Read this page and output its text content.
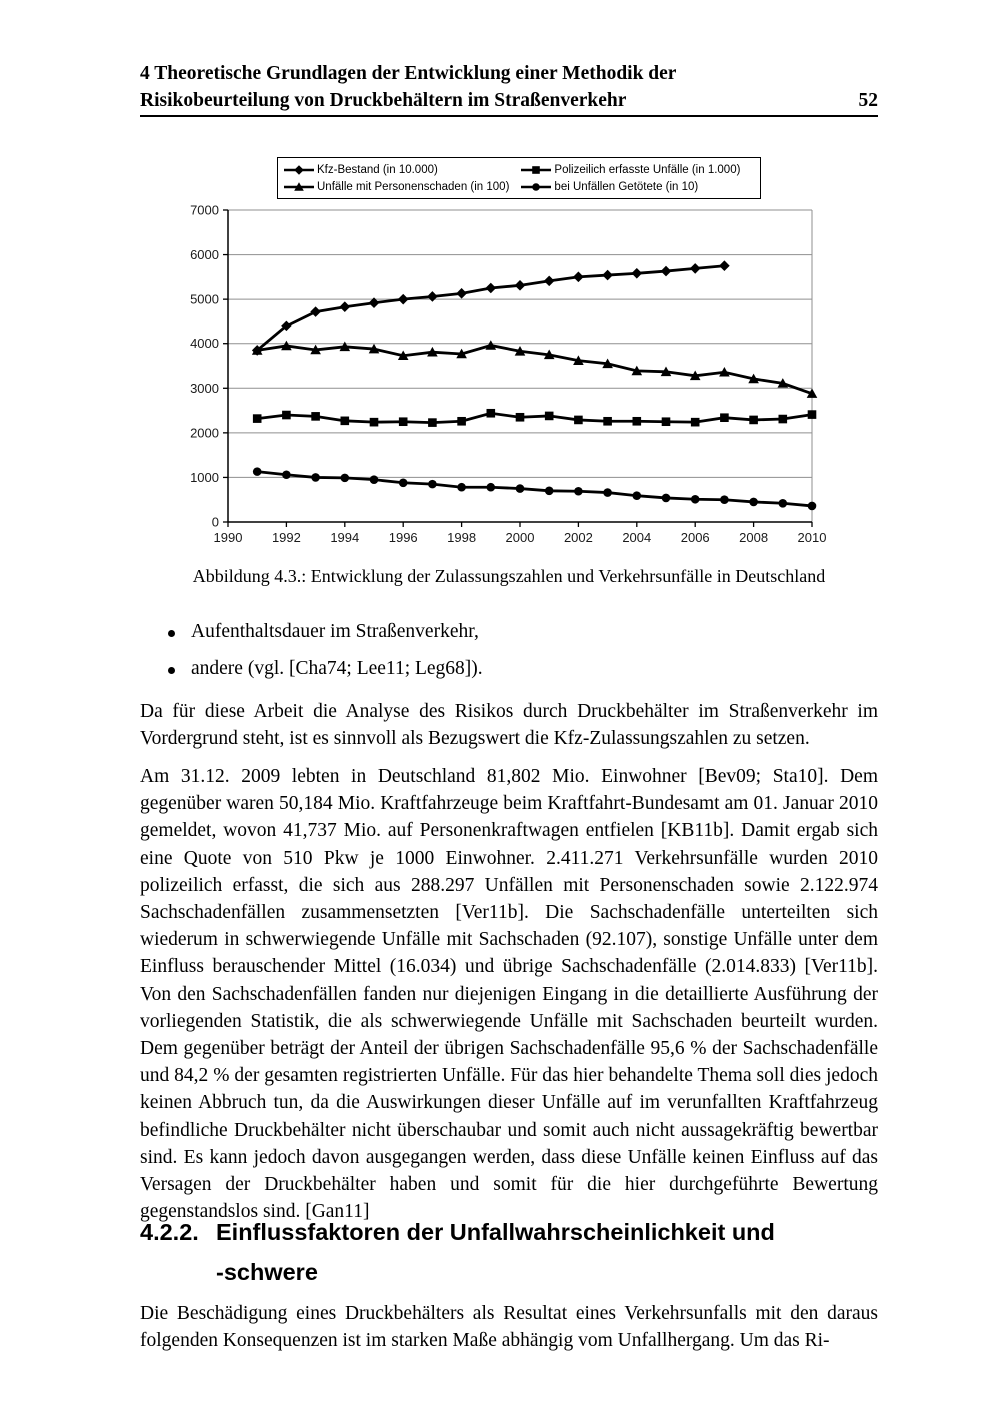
4 Theoretische Grundlagen der Entwicklung einer Methodik der
Risikobeurteilung von Druckbehältern im Straßenverkehr	52
Kfz-Bestand (in 10.000)	Polizeilich erfasste Unfälle (in 1.000)
Unfälle mit Personenschaden (in 100)	bei Unfällen Getötete (in 10)
0
1000
2000
3000
4000
5000
6000
7000
1990 1992 1994 1996 1998 2000 2002 2004 2006 2008 2010
Abbildung 4.3.: Entwicklung der Zulassungszahlen und Verkehrsunfälle in Deutschland
Aufenthaltsdauer im Straßenverkehr,
andere (vgl. [Cha74; Lee11; Leg68]).

Da für diese Arbeit die Analyse des Risikos durch Druckbehälter im Straßenverkehr im Vordergrund steht, ist es sinnvoll als Bezugswert die Kfz-Zulassungszahlen zu setzen.

Am 31.12. 2009 lebten in Deutschland 81,802 Mio. Einwohner [Bev09; Sta10]. Dem gegenüber waren 50,184 Mio. Kraftfahrzeuge beim Kraftfahrt-Bundesamt am 01. Januar 2010 gemeldet, wovon 41,737 Mio. auf Personenkraftwagen entfielen [KB11b]. Damit ergab sich eine Quote von 510 Pkw je 1000 Einwohner. 2.411.271 Verkehrsunfälle wurden 2010 polizeilich erfasst, die sich aus 288.297 Unfällen mit Personenschaden sowie 2.122.974 Sachschadenfällen zusammensetzten [Ver11b]. Die Sachschadenfälle unterteilten sich wiederum in schwerwiegende Unfälle mit Sachschaden (92.107), sonstige Unfälle unter dem Einfluss berauschender Mittel (16.034) und übrige Sachschadenfälle (2.014.833) [Ver11b]. Von den Sachschadenfällen fanden nur diejenigen Eingang in die detaillierte Ausführung der vorliegenden Statistik, die als schwerwiegende Unfälle mit Sachschaden beurteilt wurden. Dem gegenüber beträgt der Anteil der übrigen Sachschadenfälle 95,6 % der Sachschadenfälle und 84,2 % der gesamten registrierten Unfälle. Für das hier behandelte Thema soll dies jedoch keinen Abbruch tun, da die Auswirkungen dieser Unfälle auf im verunfallten Kraftfahrzeug befindliche Druckbehälter nicht überschaubar und somit auch nicht aussagekräftig bewertbar sind. Es kann jedoch davon ausgegangen werden, dass diese Unfälle keinen Einfluss auf das Versagen der Druckbehälter haben und somit für die hier durchgeführte Bewertung gegenstandslos sind. [Gan11]

4.2.2. Einflussfaktoren der Unfallwahrscheinlichkeit und
-schwere

Die Beschädigung eines Druckbehälters als Resultat eines Verkehrsunfalls mit den daraus folgenden Konsequenzen ist im starken Maße abhängig vom Unfallhergang. Um das Ri-
